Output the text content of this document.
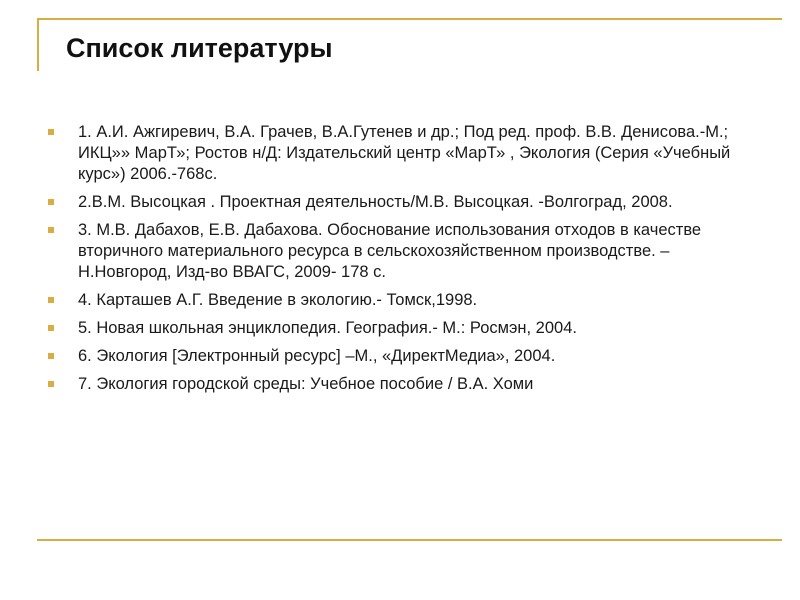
Список литературы
1. А.И. Ажгиревич, В.А. Грачев, В.А.Гутенев и др.; Под ред. проф. В.В. Денисова.-М.; ИКЦ»» МарТ»; Ростов н/Д: Издательский центр «МарТ» , Экология (Серия «Учебный курс») 2006.-768с.
2.В.М. Высоцкая . Проектная деятельность/М.В. Высоцкая. -Волгоград, 2008.
3. М.В. Дабахов, Е.В. Дабахова. Обоснование использования отходов в качестве вторичного материального ресурса в сельскохозяйственном производстве. –Н.Новгород, Изд-во ВВАГС, 2009- 178 с.
4. Карташев А.Г. Введение в экологию.- Томск,1998.
5. Новая школьная энциклопедия. География.- М.: Росмэн, 2004.
6. Экология [Электронный ресурс] –М., «ДиректМедиа», 2004.
7. Экология городской среды: Учебное пособие / В.А. Хоми
